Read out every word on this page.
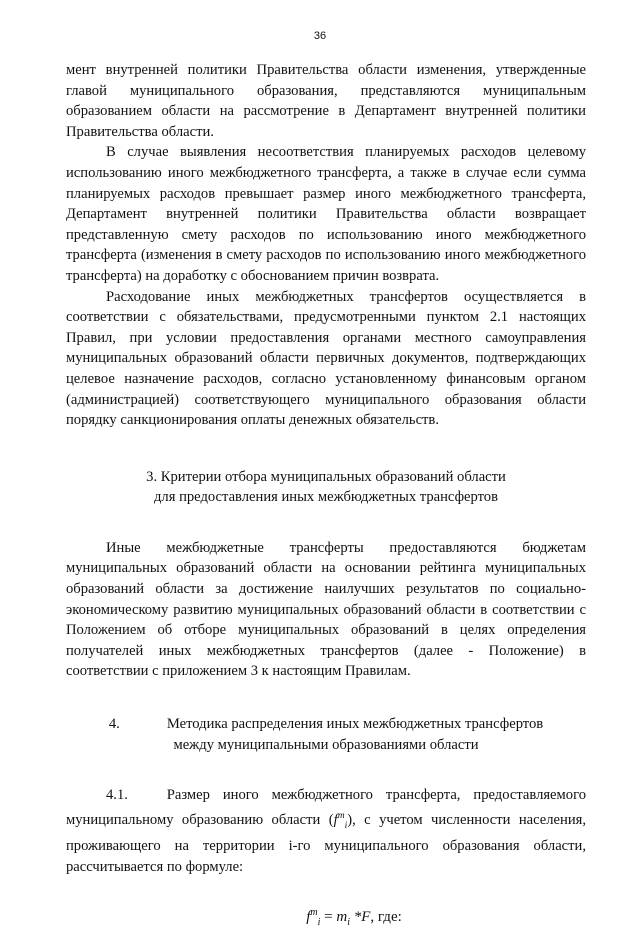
36

мент внутренней политики Правительства области изменения, утвержденные главой муниципального образования, представляются муниципальным образованием области на рассмотрение в Департамент внутренней политики Правительства области.

В случае выявления несоответствия планируемых расходов целевому использованию иного межбюджетного трансферта, а также в случае если сумма планируемых расходов превышает размер иного межбюджетного трансферта, Департамент внутренней политики Правительства области возвращает представленную смету расходов по использованию иного межбюджетного трансферта (изменения в смету расходов по использованию иного межбюджетного трансферта) на доработку с обоснованием причин возврата.

Расходование иных межбюджетных трансфертов осуществляется в соответствии с обязательствами, предусмотренными пунктом 2.1 настоящих Правил, при условии предоставления органами местного самоуправления муниципальных образований области первичных документов, подтверждающих целевое назначение расходов, согласно установленному финансовым органом (администрацией) соответствующего муниципального образования области порядку санкционирования оплаты денежных обязательств.

3. Критерии отбора муниципальных образований области
для предоставления иных межбюджетных трансфертов

Иные межбюджетные трансферты предоставляются бюджетам муниципальных образований области на основании рейтинга муниципальных образований области за достижение наилучших результатов по социально-экономическому развитию муниципальных образований области в соответствии с Положением об отборе муниципальных образований в целях определения получателей иных межбюджетных трансфертов (далее - Положение) в соответствии с приложением 3 к настоящим Правилам.

4.	Методика распределения иных межбюджетных трансфертов
между муниципальными образованиями области

4.1.	Размер иного межбюджетного трансферта, предоставляемого муниципальному образованию области $(f^m_i)$, с учетом численности населения, проживающего на территории i-го муниципального образования области, рассчитывается по формуле:

$f^m_i = m_i$ *F, где:
